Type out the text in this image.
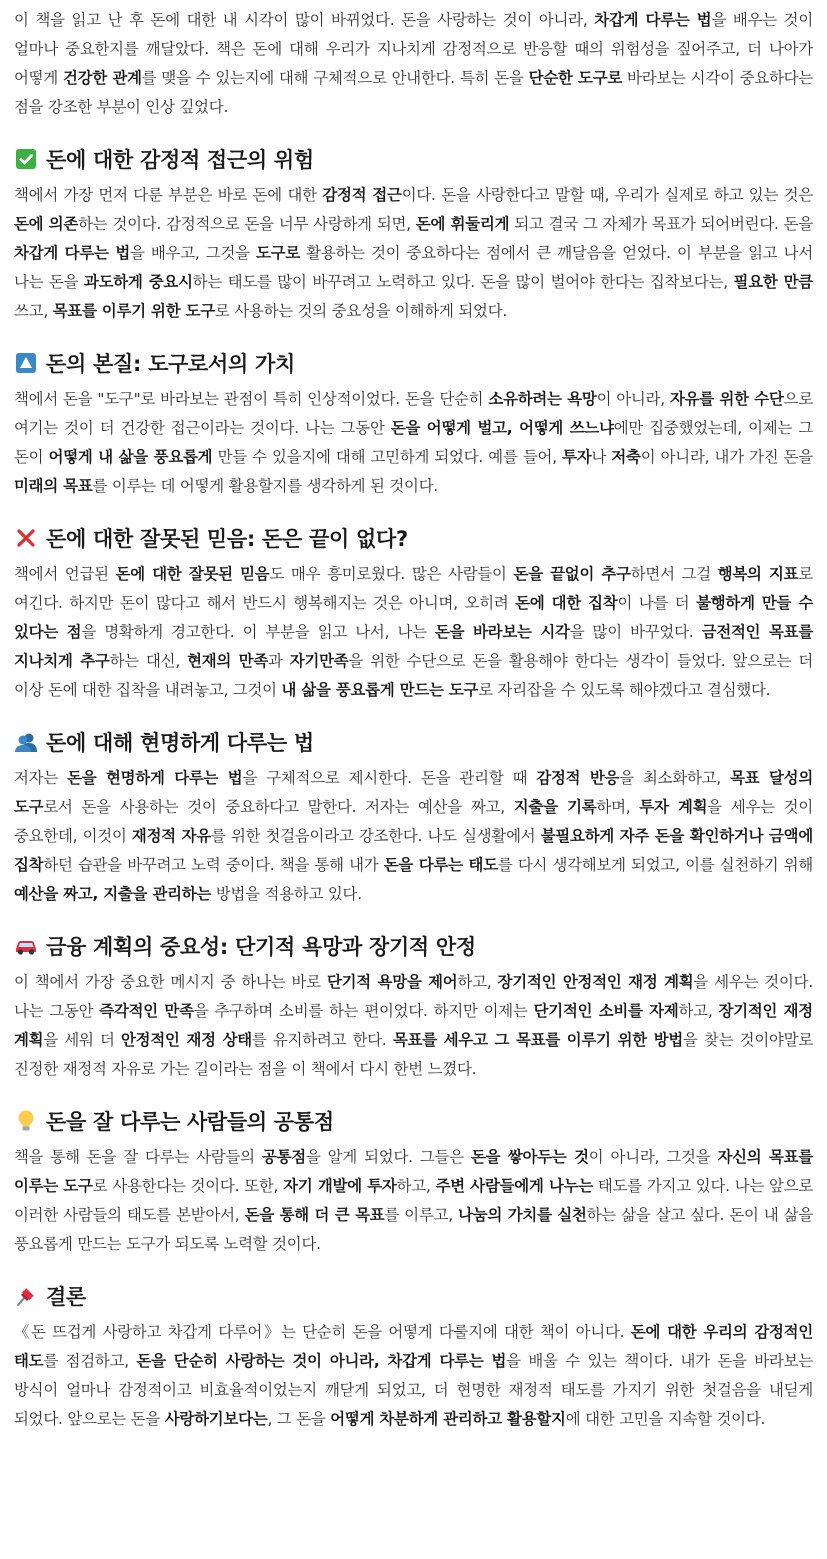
이 책을 읽고 난 후 돈에 대한 내 시각이 많이 바뀌었다. 돈을 사랑하는 것이 아니라, 차갑게 다루는 법을 배우는 것이 얼마나 중요한지를 깨달았다. 책은 돈에 대해 우리가 지나치게 감정적으로 반응할 때의 위험성을 짚어주고, 더 나아가 어떻게 건강한 관계를 맺을 수 있는지에 대해 구체적으로 안내한다. 특히 돈을 단순한 도구로 바라보는 시각이 중요하다는 점을 강조한 부분이 인상 깊었다.

돈에 대한 감정적 접근의 위험

책에서 가장 먼저 다룬 부분은 바로 돈에 대한 감정적 접근이다. 돈을 사랑한다고 말할 때, 우리가 실제로 하고 있는 것은 돈에 의존하는 것이다. 감정적으로 돈을 너무 사랑하게 되면, 돈에 휘둘리게 되고 결국 그 자체가 목표가 되어버린다. 돈을 차갑게 다루는 법을 배우고, 그것을 도구로 활용하는 것이 중요하다는 점에서 큰 깨달음을 얻었다. 이 부분을 읽고 나서 나는 돈을 과도하게 중요시하는 태도를 많이 바꾸려고 노력하고 있다. 돈을 많이 벌어야 한다는 집착보다는, 필요한 만큼 쓰고, 목표를 이루기 위한 도구로 사용하는 것의 중요성을 이해하게 되었다.

돈의 본질: 도구로서의 가치

책에서 돈을 "도구"로 바라보는 관점이 특히 인상적이었다. 돈을 단순히 소유하려는 욕망이 아니라, 자유를 위한 수단으로 여기는 것이 더 건강한 접근이라는 것이다. 나는 그동안 돈을 어떻게 벌고, 어떻게 쓰느냐에만 집중했었는데, 이제는 그 돈이 어떻게 내 삶을 풍요롭게 만들 수 있을지에 대해 고민하게 되었다. 예를 들어, 투자나 저축이 아니라, 내가 가진 돈을 미래의 목표를 이루는 데 어떻게 활용할지를 생각하게 된 것이다.

돈에 대한 잘못된 믿음: 돈은 끝이 없다?

책에서 언급된 돈에 대한 잘못된 믿음도 매우 흥미로웠다. 많은 사람들이 돈을 끝없이 추구하면서 그걸 행복의 지표로 여긴다. 하지만 돈이 많다고 해서 반드시 행복해지는 것은 아니며, 오히려 돈에 대한 집착이 나를 더 불행하게 만들 수 있다는 점을 명확하게 경고한다. 이 부분을 읽고 나서, 나는 돈을 바라보는 시각을 많이 바꾸었다. 금전적인 목표를 지나치게 추구하는 대신, 현재의 만족과 자기만족을 위한 수단으로 돈을 활용해야 한다는 생각이 들었다. 앞으로는 더 이상 돈에 대한 집착을 내려놓고, 그것이 내 삶을 풍요롭게 만드는 도구로 자리잡을 수 있도록 해야겠다고 결심했다.

돈에 대해 현명하게 다루는 법

저자는 돈을 현명하게 다루는 법을 구체적으로 제시한다. 돈을 관리할 때 감정적 반응을 최소화하고, 목표 달성의 도구로서 돈을 사용하는 것이 중요하다고 말한다. 저자는 예산을 짜고, 지출을 기록하며, 투자 계획을 세우는 것이 중요한데, 이것이 재정적 자유를 위한 첫걸음이라고 강조한다. 나도 실생활에서 불필요하게 자주 돈을 확인하거나 금액에 집착하던 습관을 바꾸려고 노력 중이다. 책을 통해 내가 돈을 다루는 태도를 다시 생각해보게 되었고, 이를 실천하기 위해 예산을 짜고, 지출을 관리하는 방법을 적용하고 있다.

금융 계획의 중요성: 단기적 욕망과 장기적 안정

이 책에서 가장 중요한 메시지 중 하나는 바로 단기적 욕망을 제어하고, 장기적인 안정적인 재정 계획을 세우는 것이다. 나는 그동안 즉각적인 만족을 추구하며 소비를 하는 편이었다. 하지만 이제는 단기적인 소비를 자제하고, 장기적인 재정 계획을 세워 더 안정적인 재정 상태를 유지하려고 한다. 목표를 세우고 그 목표를 이루기 위한 방법을 찾는 것이야말로 진정한 재정적 자유로 가는 길이라는 점을 이 책에서 다시 한번 느꼈다.

돈을 잘 다루는 사람들의 공통점

책을 통해 돈을 잘 다루는 사람들의 공통점을 알게 되었다. 그들은 돈을 쌓아두는 것이 아니라, 그것을 자신의 목표를 이루는 도구로 사용한다는 것이다. 또한, 자기 개발에 투자하고, 주변 사람들에게 나누는 태도를 가지고 있다. 나는 앞으로 이러한 사람들의 태도를 본받아서, 돈을 통해 더 큰 목표를 이루고, 나눔의 가치를 실천하는 삶을 살고 싶다. 돈이 내 삶을 풍요롭게 만드는 도구가 되도록 노력할 것이다.

결론

《돈 뜨겁게 사랑하고 차갑게 다루어》는 단순히 돈을 어떻게 다룰지에 대한 책이 아니다. 돈에 대한 우리의 감정적인 태도를 점검하고, 돈을 단순히 사랑하는 것이 아니라, 차갑게 다루는 법을 배울 수 있는 책이다. 내가 돈을 바라보는 방식이 얼마나 감정적이고 비효율적이었는지 깨닫게 되었고, 더 현명한 재정적 태도를 가지기 위한 첫걸음을 내딛게 되었다. 앞으로는 돈을 사랑하기보다는, 그 돈을 어떻게 차분하게 관리하고 활용할지에 대한 고민을 지속할 것이다.
